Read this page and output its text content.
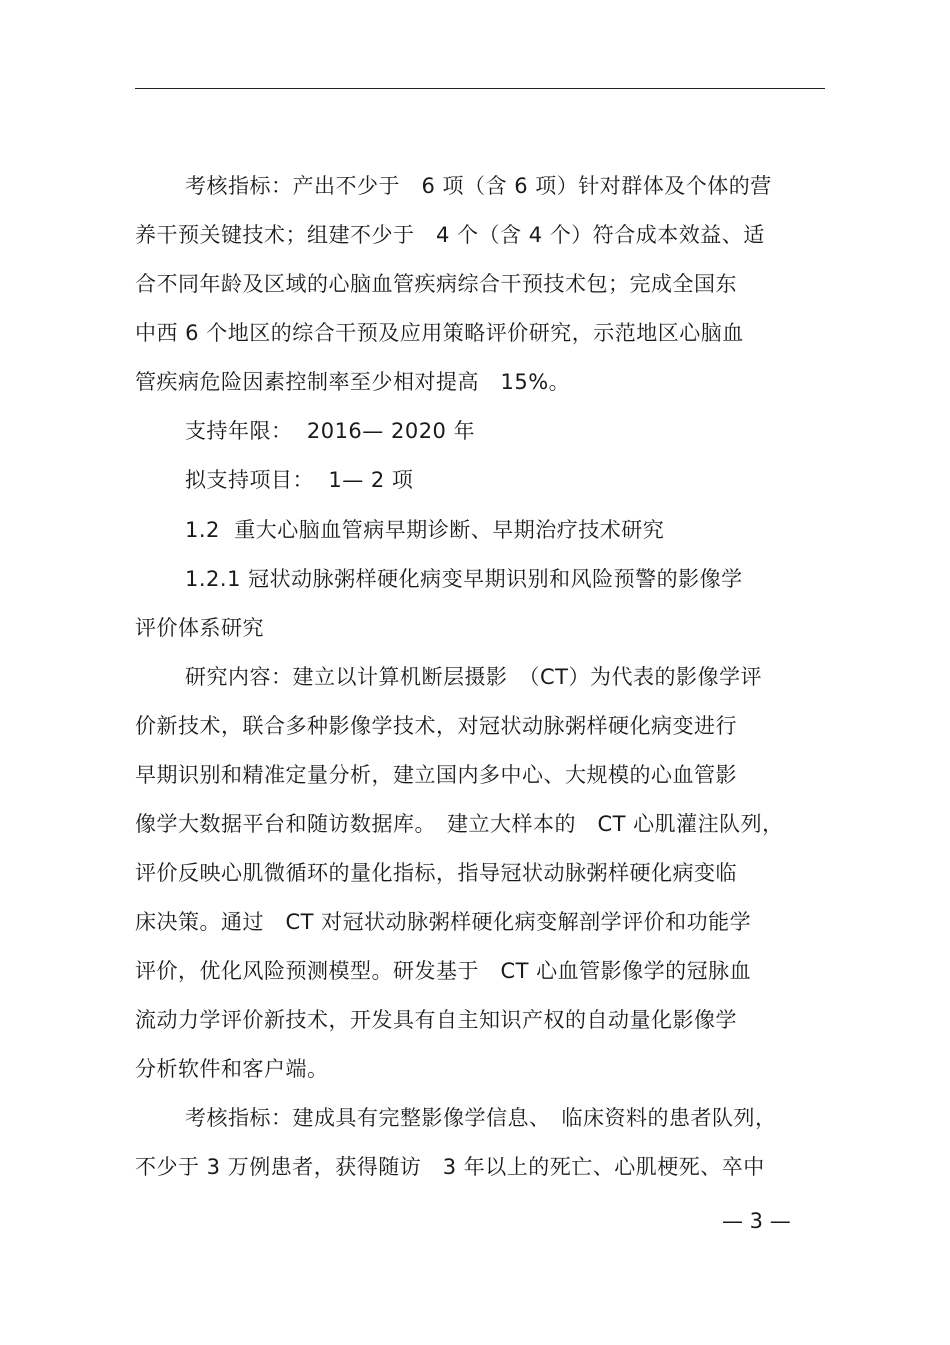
考核指标：产出不少于　6 项（含 6 项）针对群体及个体的营
养干预关键技术；组建不少于　4 个（含 4 个）符合成本效益、适
合不同年龄及区域的心脑血管疾病综合干预技术包；完成全国东
中西 6 个地区的综合干预及应用策略评价研究，示范地区心脑血
管疾病危险因素控制率至少相对提高　15%。
支持年限：  2016— 2020 年
拟支持项目：  1— 2 项
1.2  重大心脑血管病早期诊断、早期治疗技术研究
1.2.1 冠状动脉粥样硬化病变早期识别和风险预警的影像学
评价体系研究
研究内容：建立以计算机断层摄影　（CT）为代表的影像学评
价新技术，联合多种影像学技术，对冠状动脉粥样硬化病变进行
早期识别和精准定量分析，建立国内多中心、大规模的心血管影
像学大数据平台和随访数据库。　建立大样本的　CT 心肌灌注队列，
评价反映心肌微循环的量化指标，指导冠状动脉粥样硬化病变临
床决策。通过　CT 对冠状动脉粥样硬化病变解剖学评价和功能学
评价，优化风险预测模型。研发基于　CT 心血管影像学的冠脉血
流动力学评价新技术，开发具有自主知识产权的自动量化影像学
分析软件和客户端。
考核指标：建成具有完整影像学信息、　临床资料的患者队列，
不少于 3 万例患者，获得随访　3 年以上的死亡、心肌梗死、卒中
— 3 —
